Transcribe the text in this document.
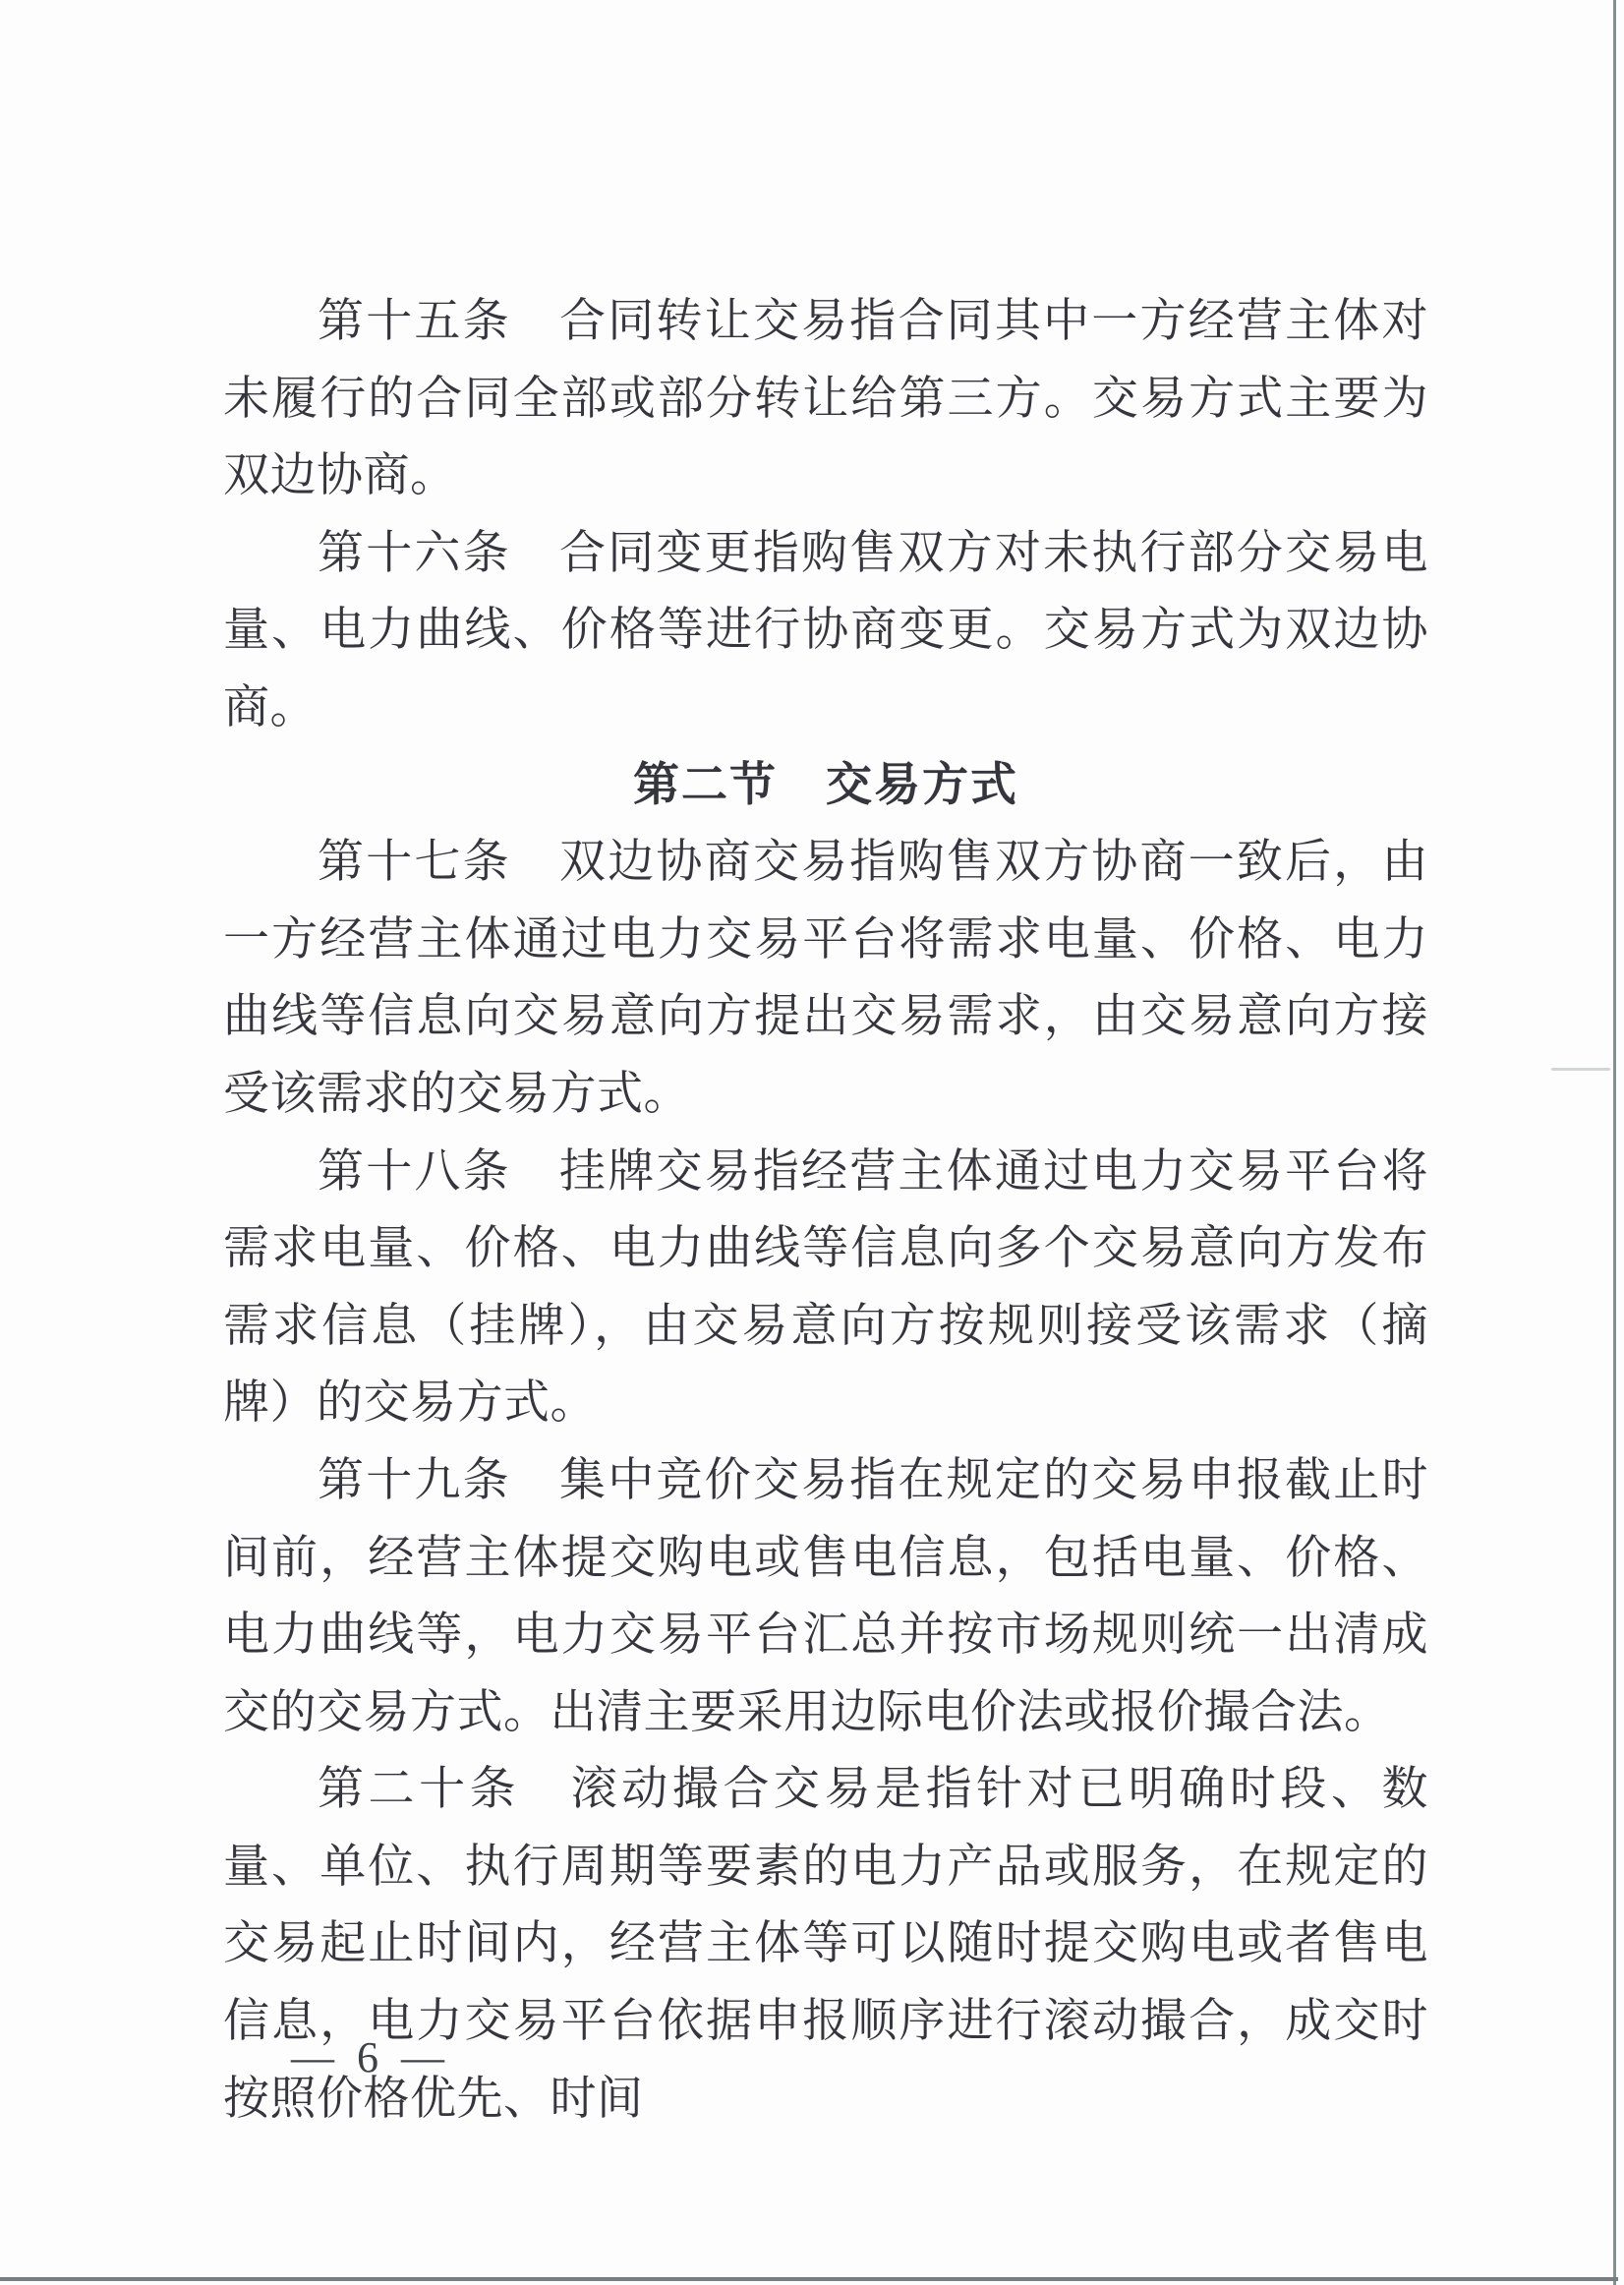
第十五条　合同转让交易指合同其中一方经营主体对未履行的合同全部或部分转让给第三方。交易方式主要为双边协商。

第十六条　合同变更指购售双方对未执行部分交易电量、电力曲线、价格等进行协商变更。交易方式为双边协商。

第二节　交易方式

第十七条　双边协商交易指购售双方协商一致后，由一方经营主体通过电力交易平台将需求电量、价格、电力曲线等信息向交易意向方提出交易需求，由交易意向方接受该需求的交易方式。

第十八条　挂牌交易指经营主体通过电力交易平台将需求电量、价格、电力曲线等信息向多个交易意向方发布需求信息（挂牌），由交易意向方按规则接受该需求（摘牌）的交易方式。

第十九条　集中竞价交易指在规定的交易申报截止时间前，经营主体提交购电或售电信息，包括电量、价格、电力曲线等，电力交易平台汇总并按市场规则统一出清成交的交易方式。出清主要采用边际电价法或报价撮合法。

第二十条　滚动撮合交易是指针对已明确时段、数量、单位、执行周期等要素的电力产品或服务，在规定的交易起止时间内，经营主体等可以随时提交购电或者售电信息，电力交易平台依据申报顺序进行滚动撮合，成交时按照价格优先、时间

— 6 —
